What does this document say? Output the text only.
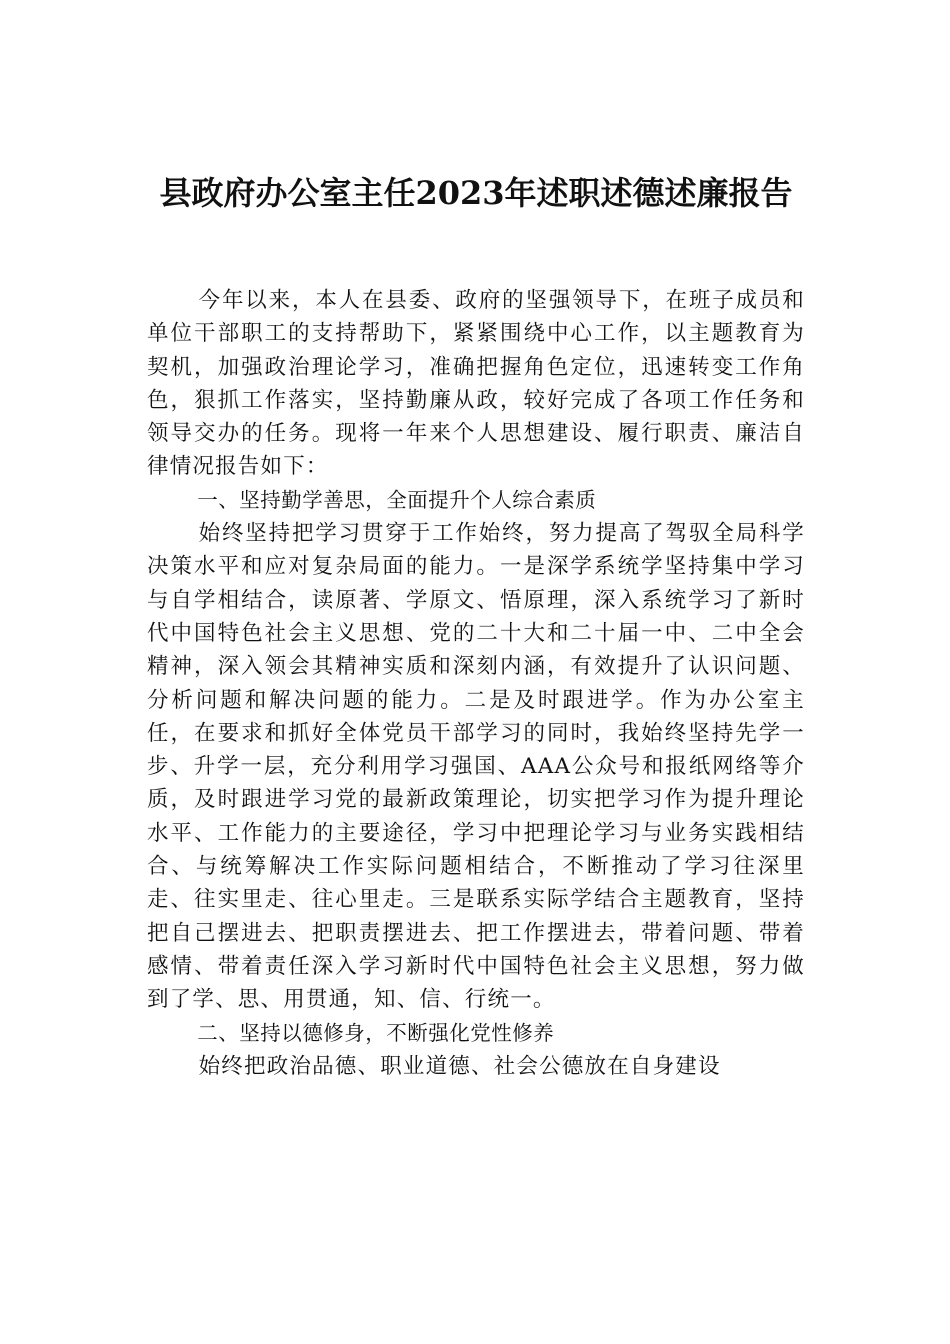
县政府办公室主任2023年述职述德述廉报告

今年以来，本人在县委、政府的坚强领导下，在班子成员和单位干部职工的支持帮助下，紧紧围绕中心工作，以主题教育为契机，加强政治理论学习，准确把握角色定位，迅速转变工作角色，狠抓工作落实，坚持勤廉从政，较好完成了各项工作任务和领导交办的任务。现将一年来个人思想建设、履行职责、廉洁自律情况报告如下：

一、坚持勤学善思，全面提升个人综合素质

始终坚持把学习贯穿于工作始终，努力提高了驾驭全局科学决策水平和应对复杂局面的能力。一是深学系统学坚持集中学习与自学相结合，读原著、学原文、悟原理，深入系统学习了新时代中国特色社会主义思想、党的二十大和二十届一中、二中全会精神，深入领会其精神实质和深刻内涵，有效提升了认识问题、分析问题和解决问题的能力。二是及时跟进学。作为办公室主任，在要求和抓好全体党员干部学习的同时，我始终坚持先学一步、升学一层，充分利用学习强国、AAA公众号和报纸网络等介质，及时跟进学习党的最新政策理论，切实把学习作为提升理论水平、工作能力的主要途径，学习中把理论学习与业务实践相结合、与统筹解决工作实际问题相结合，不断推动了学习往深里走、往实里走、往心里走。三是联系实际学结合主题教育，坚持把自己摆进去、把职责摆进去、把工作摆进去，带着问题、带着感情、带着责任深入学习新时代中国特色社会主义思想，努力做到了学、思、用贯通，知、信、行统一。

二、坚持以德修身，不断强化党性修养

始终把政治品德、职业道德、社会公德放在自身建设
